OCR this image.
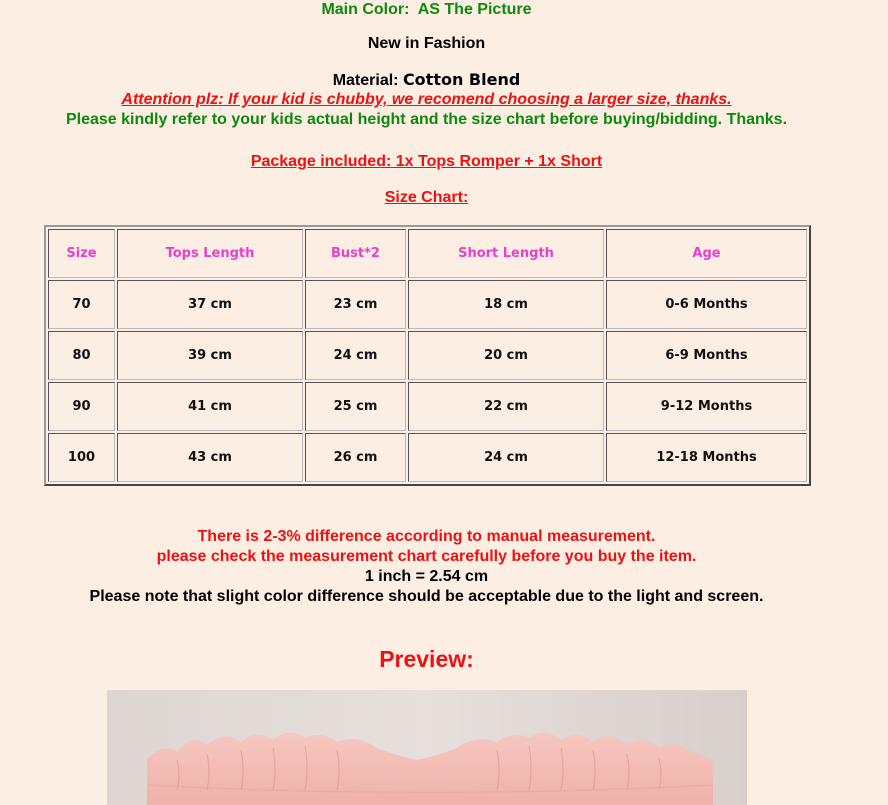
Main Color: AS The Picture
New in Fashion
Material: Cotton Blend
Attention plz: If your kid is chubby, we recomend choosing a larger size, thanks.
Please kindly refer to your kids actual height and the size chart before buying/bidding. Thanks.
Package included: 1x Tops Romper + 1x Short
Size Chart:
Size	Tops Length	Bust*2	Short Length	Age
70	37 cm	23 cm	18 cm	0-6 Months
80	39 cm	24 cm	20 cm	6-9 Months
90	41 cm	25 cm	22 cm	9-12 Months
100	43 cm	26 cm	24 cm	12-18 Months
There is 2-3% difference according to manual measurement.
please check the measurement chart carefully before you buy the item.
1 inch = 2.54 cm
Please note that slight color difference should be acceptable due to the light and screen.
Preview:
